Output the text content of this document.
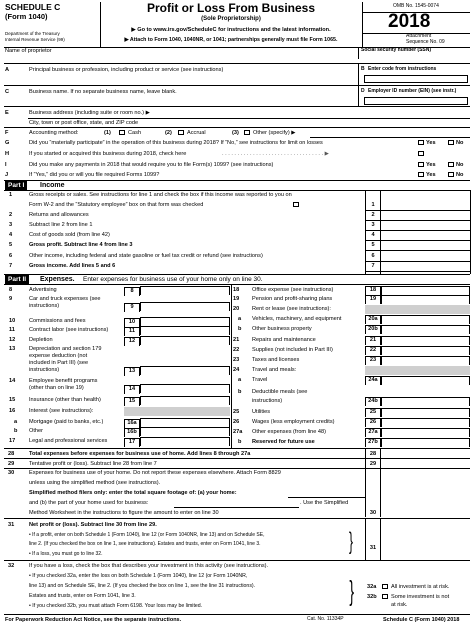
SCHEDULE C
(Form 1040)
Department of the Treasury
Internal Revenue Service (99)
Profit or Loss From Business
(Sole Proprietorship)
▶ Go to www.irs.gov/ScheduleC for instructions and the latest information.
▶ Attach to Form 1040, 1040NR, or 1041; partnerships generally must file Form 1065.
OMB No. 1545-0074
2018
Attachment
Sequence No. 09
Name of proprietor	Social security number (SSN)
A	Principal business or profession, including product or service (see instructions)	B Enter code from instructions
C	Business name. If no separate business name, leave blank.	D Employer ID number (EIN) (see instr.)
E	Business address (including suite or room no.) ▶
City, town or post office, state, and ZIP code
F	Accounting method:	(1)	Cash	(2)	Accrual	(3)	Other (specify) ▶
G	Did you “materially participate” in the operation of this business during 2018? If “No,” see instructions for limit on losses	Yes	No
H	If you started or acquired this business during 2018, check here	. . . . . . . . . . . . . . . . . . . . . . . . . . . . . . . . . ▶
I	Did you make any payments in 2018 that would require you to file Form(s) 1099? (see instructions)	Yes	No
J	If “Yes,” did you or will you file required Forms 1099?	Yes	No
Part I	Income
1	Gross receipts or sales. See instructions for line 1 and check the box if this income was reported to you on
Form W-2 and the “Statutory employee” box on that form was checked	1
2	Returns and allowances	2
3	Subtract line 2 from line 1	3
4	Cost of goods sold (from line 42)	4
5	Gross profit. Subtract line 4 from line 3	5
6	Other income, including federal and state gasoline or fuel tax credit or refund (see instructions)	6
7	Gross income. Add lines 5 and 6	7
Part II	Expenses. Enter expenses for business use of your home only on line 30.
8	Advertising	8
9	Car and truck expenses (see
instructions)	9
10 Commissions and fees	10
11	Contract labor (see instructions)	11
12 Depletion	12
13 Depreciation and section 179
expense deduction (not
included in Part III) (see
instructions)	13
14 Employee benefit programs
(other than on line 19)	14
15 Insurance (other than health)	15
16 Interest (see instructions):
a Mortgage (paid to banks, etc.)	16a
b Other	16b
17 Legal and professional services	17
18 Office expense (see instructions)	18
19 Pension and profit-sharing plans	19
20 Rent or lease (see instructions):
a Vehicles, machinery, and equipment	20a
b Other business property	20b
21 Repairs and maintenance	21
22 Supplies (not included in Part III)	22
23 Taxes and licenses	23
24 Travel and meals:
a Travel	24a
b Deductible meals (see
instructions)	24b
25 Utilities	25
26 Wages (less employment credits)	26
27a Other expenses (from line 48)	27a
b Reserved for future use	27b
28	Total expenses before expenses for business use of home. Add lines 8 through 27a	28
29	Tentative profit or (loss). Subtract line 28 from line 7	29
30	Expenses for business use of your home. Do not report these expenses elsewhere. Attach Form 8829
unless using the simplified method (see instructions).
Simplified method filers only: enter the total square footage of: (a) your home:
and (b) the part of your home used for business:	. Use the Simplified
Method Worksheet in the instructions to figure the amount to enter on line 30	30
31	Net profit or (loss). Subtract line 30 from line 29.
• If a profit, enter on both Schedule 1 (Form 1040), line 12 (or Form 1040NR, line 13) and on Schedule SE,
line 2. (If you checked the box on line 1, see instructions). Estates and trusts, enter on Form 1041, line 3.
• If a loss, you must go to line 32.	}	31
32	If you have a loss, check the box that describes your investment in this activity (see instructions).
• If you checked 32a, enter the loss on both Schedule 1 (Form 1040), line 12 (or Form 1040NR,
line 13) and on Schedule SE, line 2. (If you checked the box on line 1, see the line 31 instructions).
Estates and trusts, enter on Form 1041, line 3.
• If you checked 32b, you must attach Form 6198. Your loss may be limited.	} 32a	All investment is at risk.
32b	Some investment is not
at risk.
For Paperwork Reduction Act Notice, see the separate instructions.	Cat. No. 11334P	Schedule C (Form 1040) 2018
